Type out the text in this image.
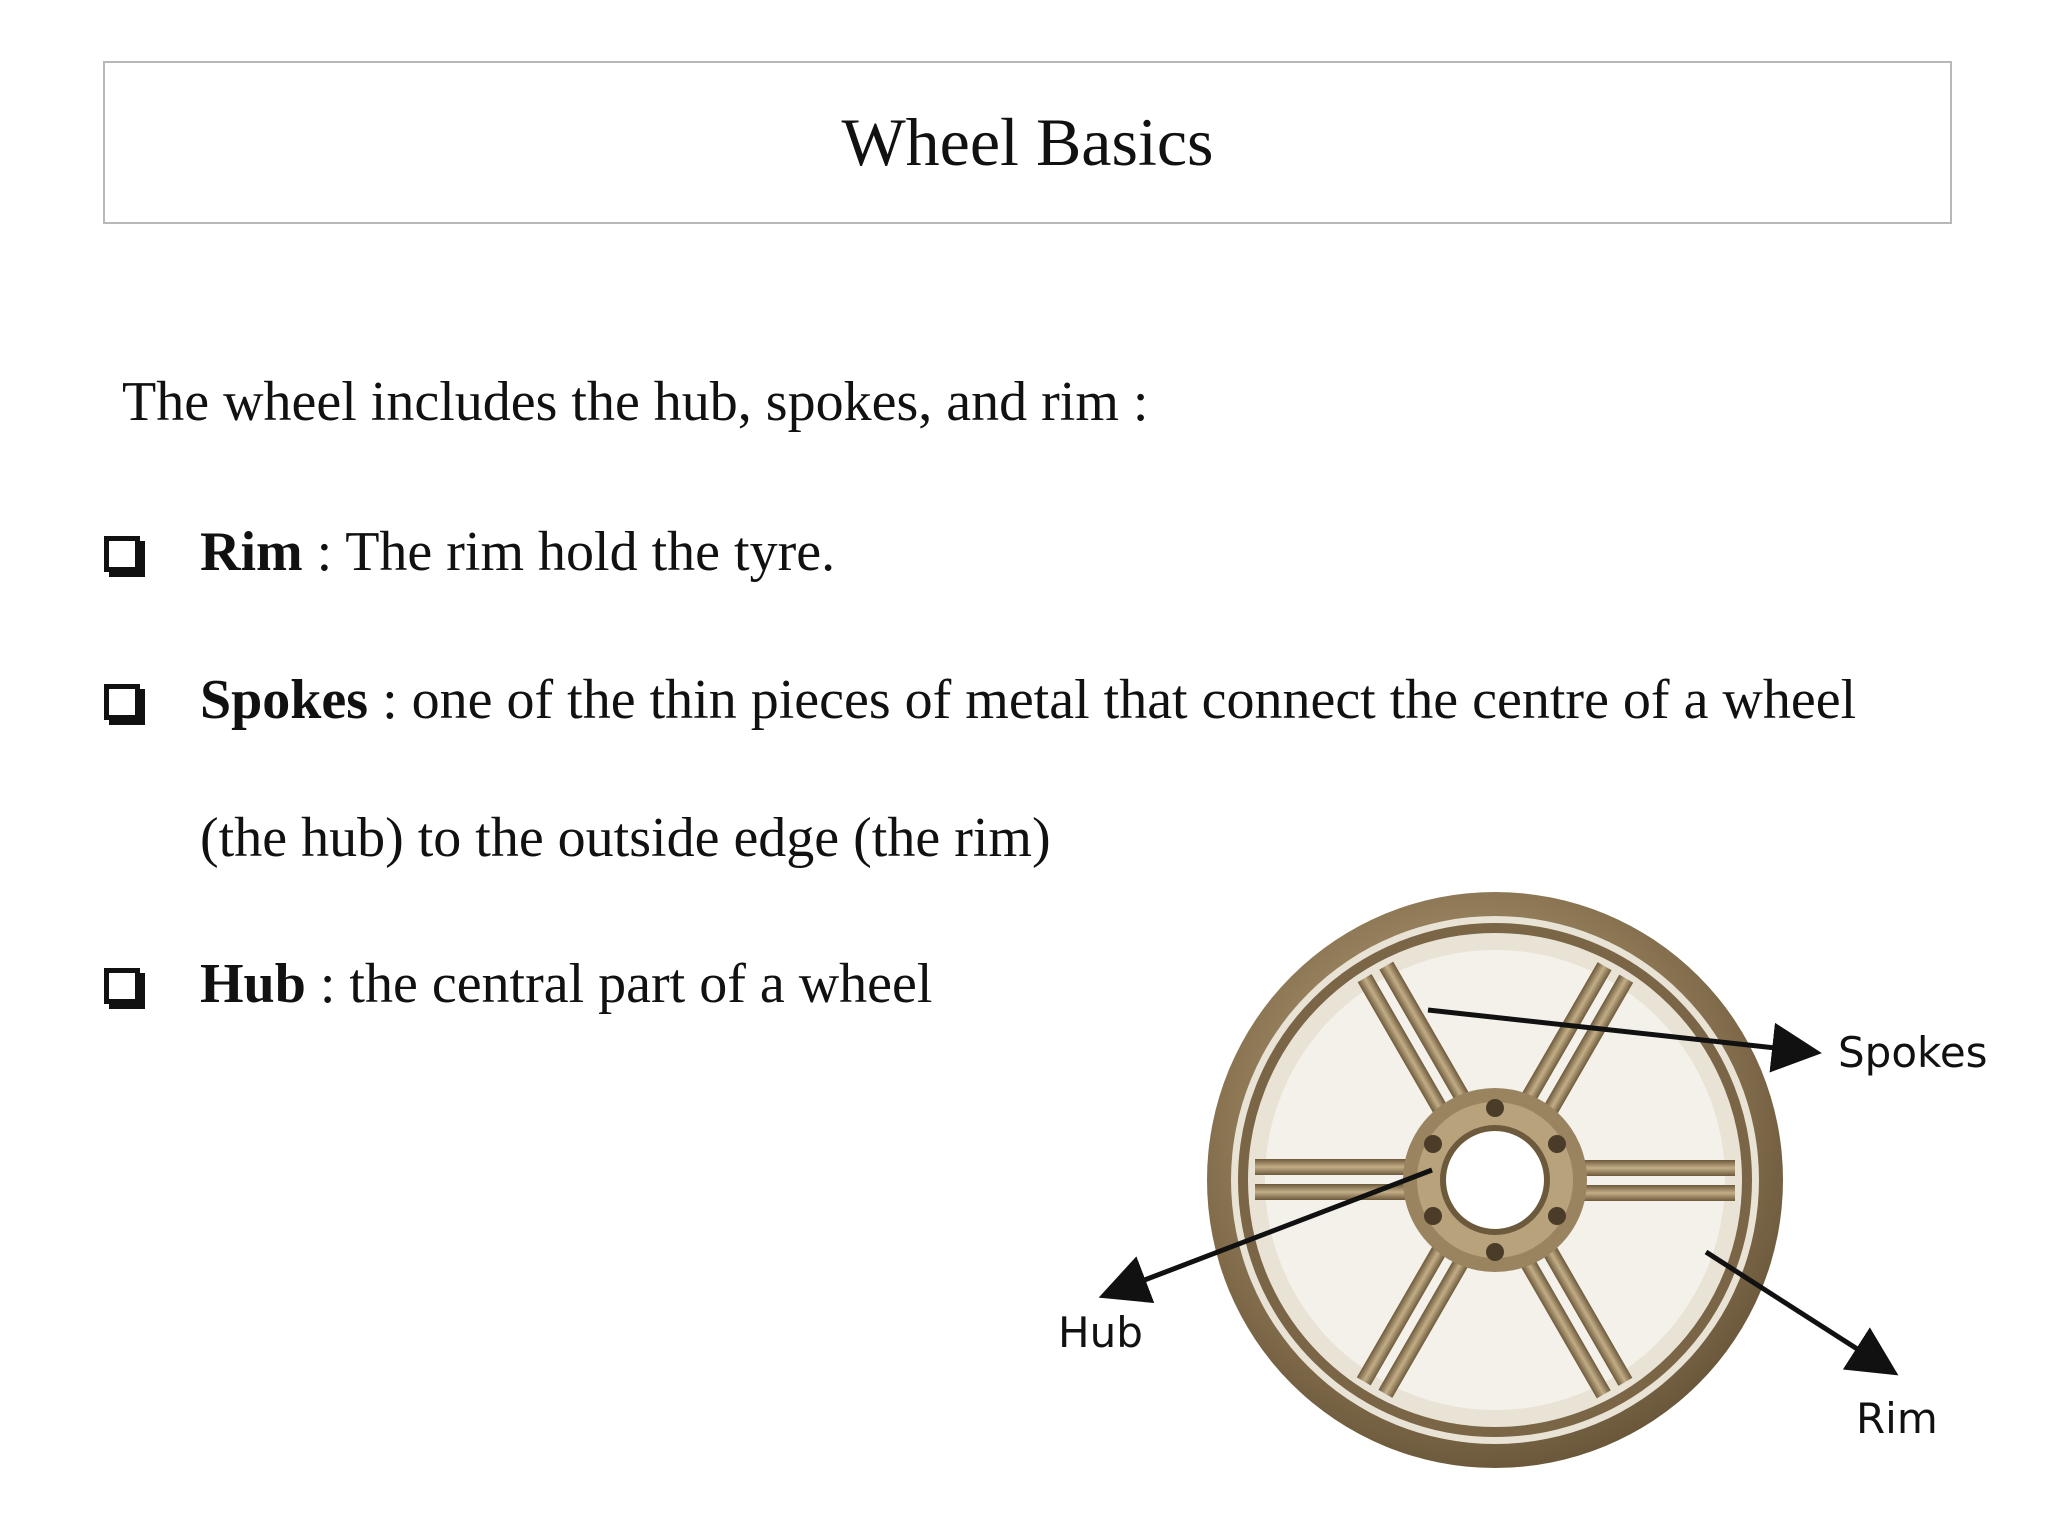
Wheel Basics
The wheel includes the hub, spokes, and rim :
Rim : The rim hold the tyre.
Spokes : one of the thin pieces of metal that connect the centre of a wheel
(the hub) to the outside edge (the rim)
Hub : the central part of a wheel
Spokes
Hub
Rim
